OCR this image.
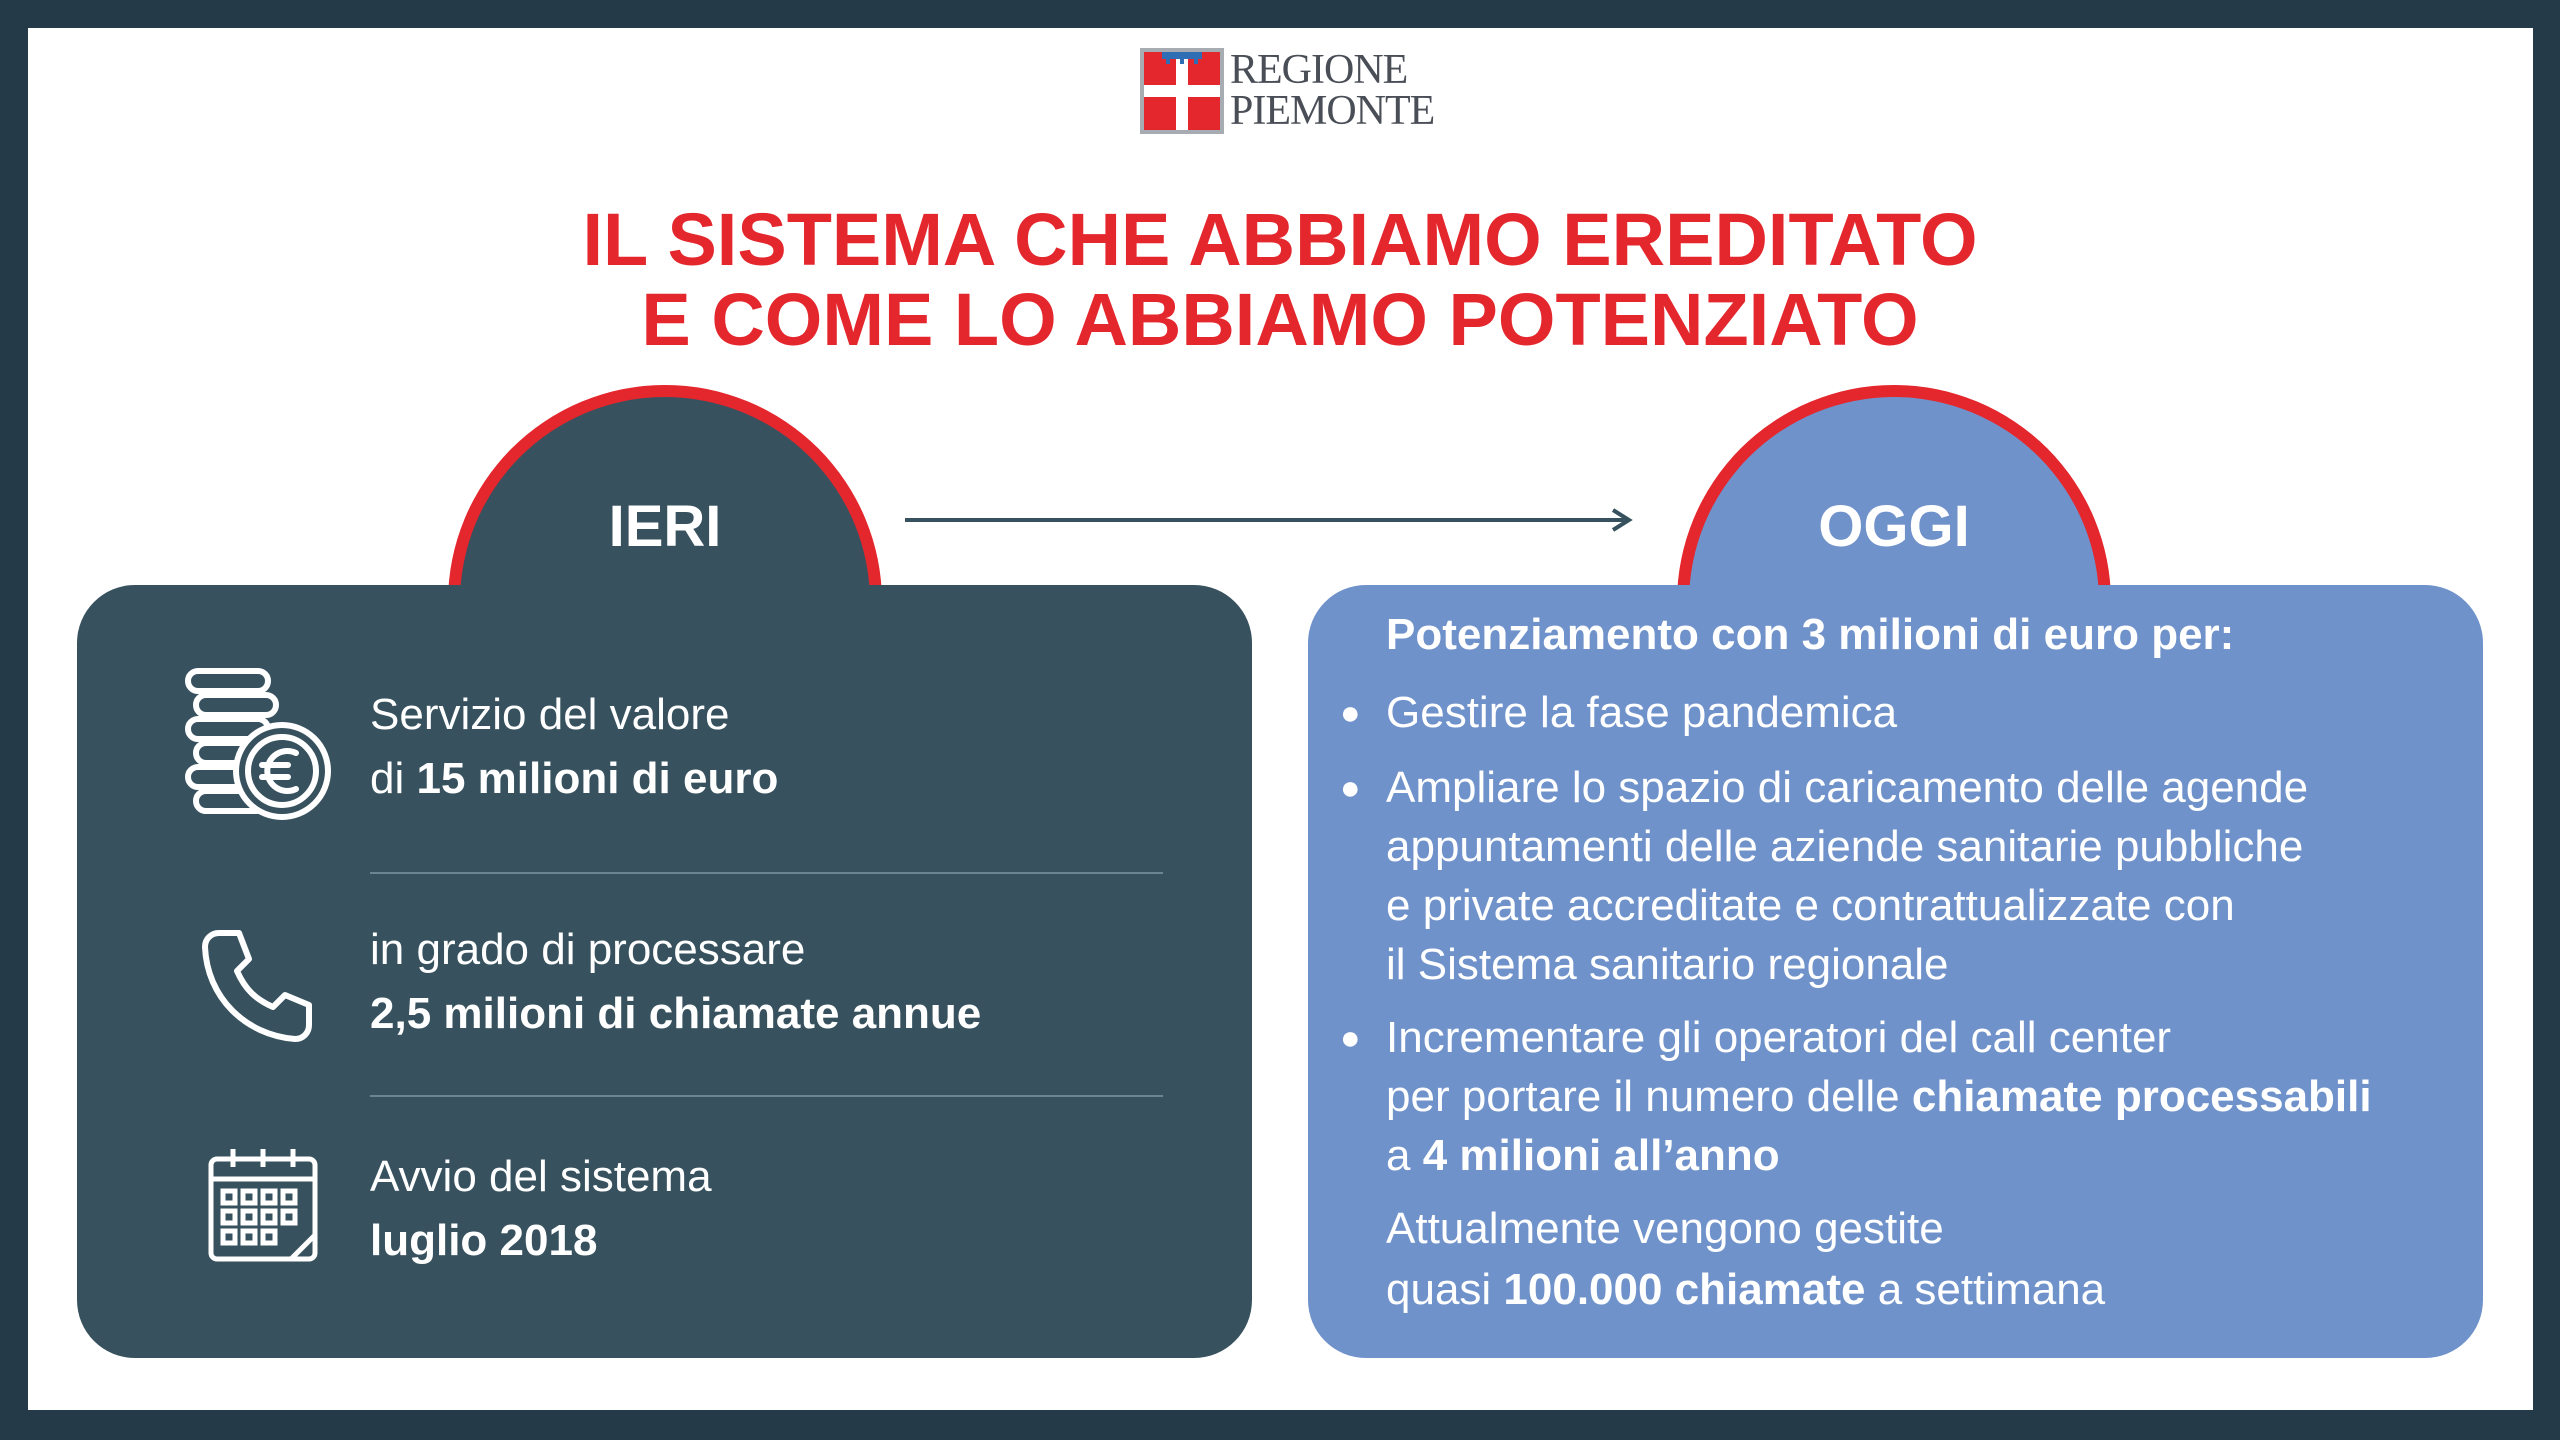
REGIONE
PIEMONTE
IL SISTEMA CHE ABBIAMO EREDITATO
E COME LO ABBIAMO POTENZIATO
IERI	OGGI
Servizio del valore
di 15 milioni di euro
in grado di processare
2,5 milioni di chiamate annue
Avvio del sistema
luglio 2018
Potenziamento con 3 milioni di euro per:
● Gestire la fase pandemica
● Ampliare lo spazio di caricamento delle agende
appuntamenti delle aziende sanitarie pubbliche
e private accreditate e contrattualizzate con
il Sistema sanitario regionale
● Incrementare gli operatori del call center
per portare il numero delle chiamate processabili
a 4 milioni all’anno
Attualmente vengono gestite
quasi 100.000 chiamate a settimana
